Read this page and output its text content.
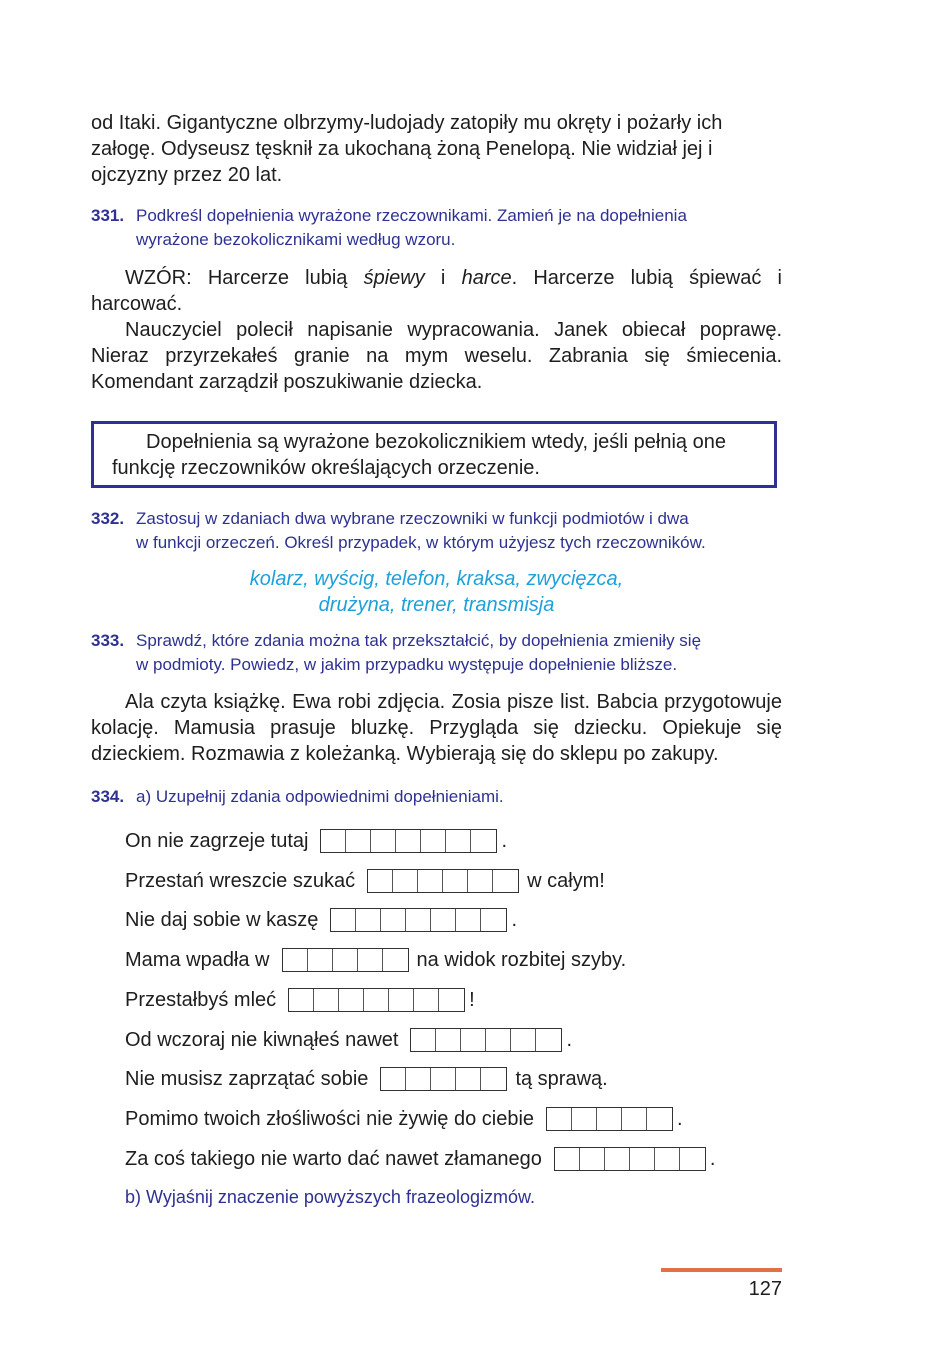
od Itaki. Gigantyczne olbrzymy-ludojady zatopiły mu okręty i pożarły ich

załogę. Odyseusz tęsknił za ukochaną żoną Penelopą. Nie widział jej i

ojczyzny przez 20 lat.

331. Podkreśl dopełnienia wyrażone rzeczownikami. Zamień je na dopełnienia
wyrażone bezokolicznikami według wzoru.

WZÓR: Harcerze lubią śpiewy i harce. Harcerze lubią śpiewać i harcować.

Nauczyciel polecił napisanie wypracowania. Janek obiecał poprawę. Nieraz przyrzekałeś granie na mym weselu. Zabrania się śmiecenia. Komendant zarządził poszukiwanie dziecka.

Dopełnienia są wyrażone bezokolicznikiem wtedy, jeśli pełnią one funkcję rzeczowników określających orzeczenie.

332. Zastosuj w zdaniach dwa wybrane rzeczowniki w funkcji podmiotów i dwa
w funkcji orzeczeń. Określ przypadek, w którym użyjesz tych rzeczowników.
kolarz, wyścig, telefon, kraksa, zwycięzca,
drużyna, trener, transmisja
333. Sprawdź, które zdania można tak przekształcić, by dopełnienia zmieniły się
w podmioty. Powiedz, w jakim przypadku występuje dopełnienie bliższe.

Ala czyta książkę. Ewa robi zdjęcia. Zosia pisze list. Babcia przygotowuje kolację. Mamusia prasuje bluzkę. Przygląda się dziecku. Opiekuje się dzieckiem. Rozmawia z koleżanką. Wybierają się do sklepu po zakupy.

334. a) Uzupełnij zdania odpowiednimi dopełnieniami.
On nie zagrzeje tutaj	.
Przestań wreszcie szukać	w całym!
Nie daj sobie w kaszę	.
Mama wpadła w	na widok rozbitej szyby.
Przestałbyś mleć	!
Od wczoraj nie kiwnąłeś nawet	.
Nie musisz zaprzątać sobie	tą sprawą.
Pomimo twoich złośliwości nie żywię do ciebie	.
Za coś takiego nie warto dać nawet złamanego	.
b) Wyjaśnij znaczenie powyższych frazeologizmów.
127
